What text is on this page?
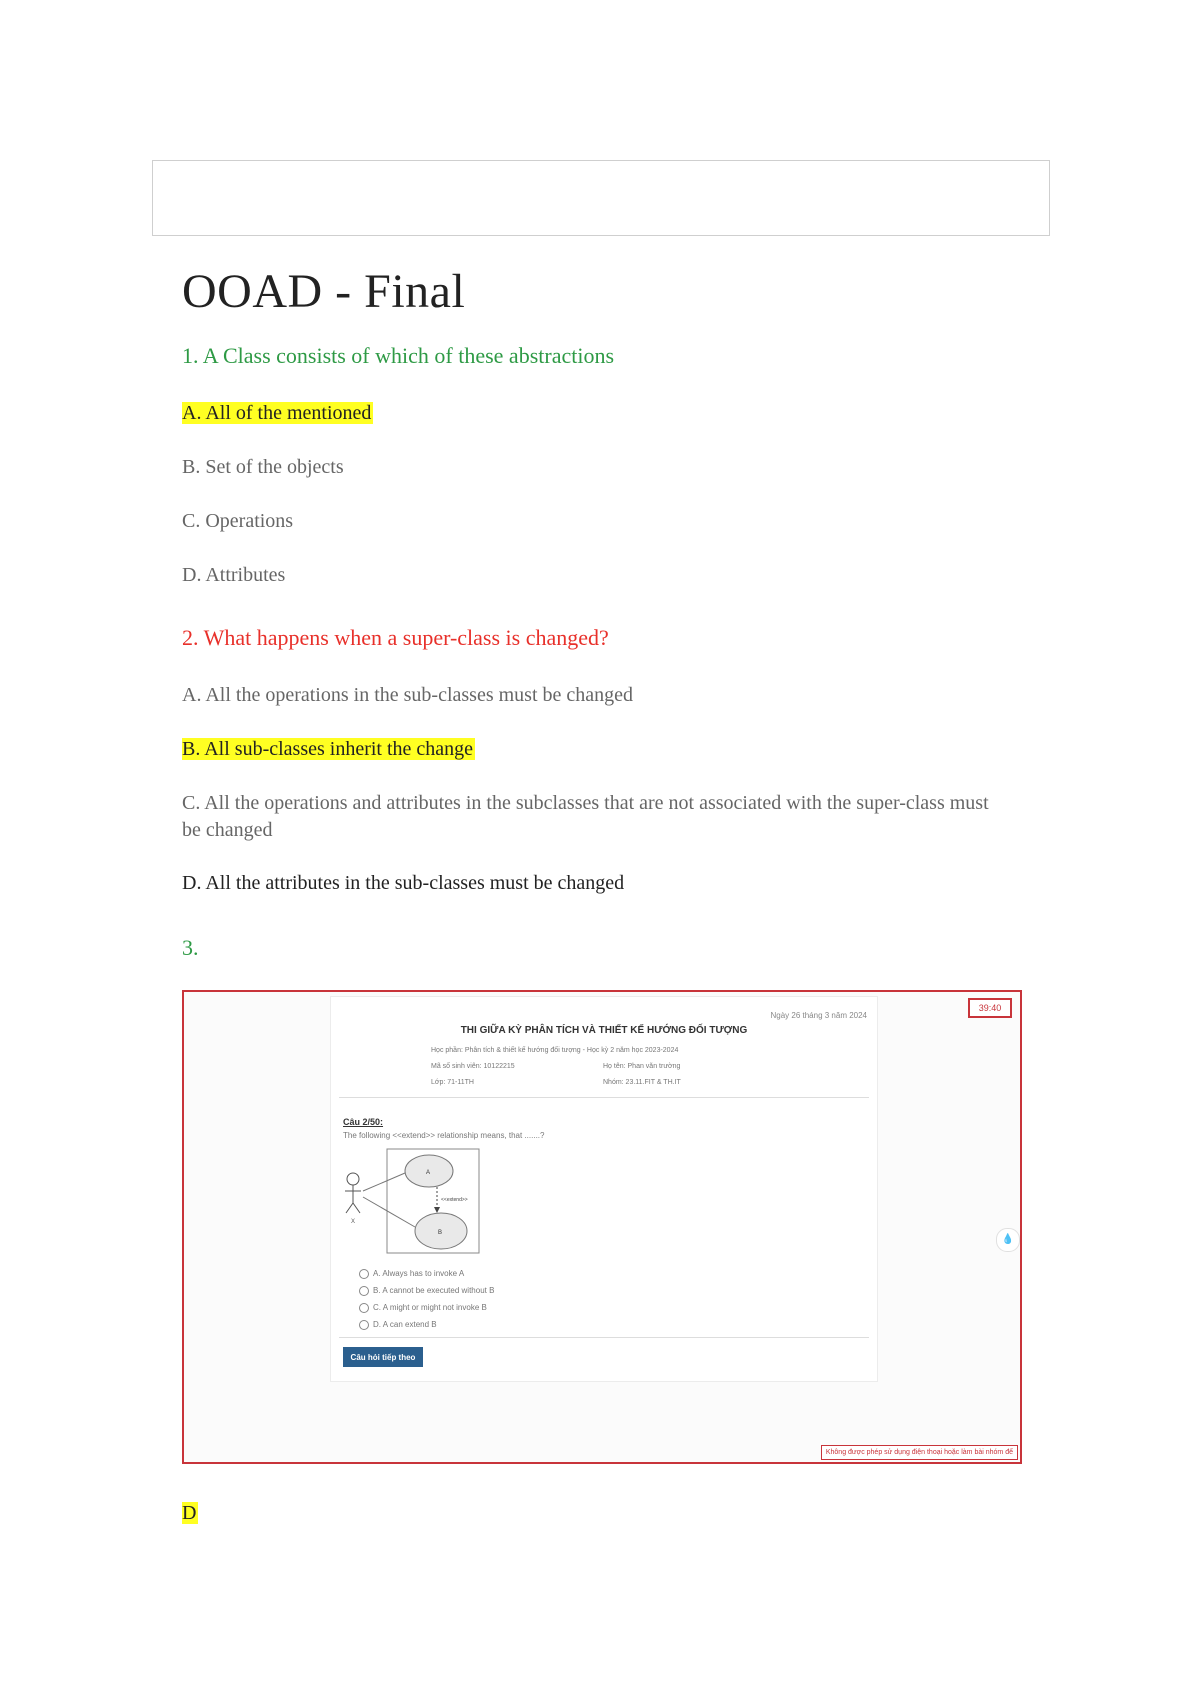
OOAD - Final
1. A Class consists of which of these abstractions
A. All of the mentioned
B. Set of the objects
C. Operations
D. Attributes
2. What happens when a super-class is changed?
A. All the operations in the sub-classes must be changed
B. All sub-classes inherit the change
C. All the operations and attributes in the subclasses that are not associated with the super-class must be changed
D. All the attributes in the sub-classes must be changed
3.
39:40
Ngày 26 tháng 3 năm 2024
THI GIỮA KỲ PHÂN TÍCH VÀ THIẾT KẾ HƯỚNG ĐỐI TƯỢNG
Học phần: Phân tích & thiết kế hướng đối tượng - Học kỳ 2 năm học 2023-2024
Mã số sinh viên: 10122215	Họ tên: Phan văn trường
Lớp: 71-11TH	Nhóm: 23.11.FIT & TH.IT
Câu 2/50:
The following <<extend>> relationship means, that .......?
X
A
B
<<extend>>
A. Always has to invoke A
B. A cannot be executed without B
C. A might or might not invoke B
D. A can extend B
Câu hỏi tiếp theo
💧
Không được phép sử dụng điện thoại hoặc làm bài nhóm để
D
